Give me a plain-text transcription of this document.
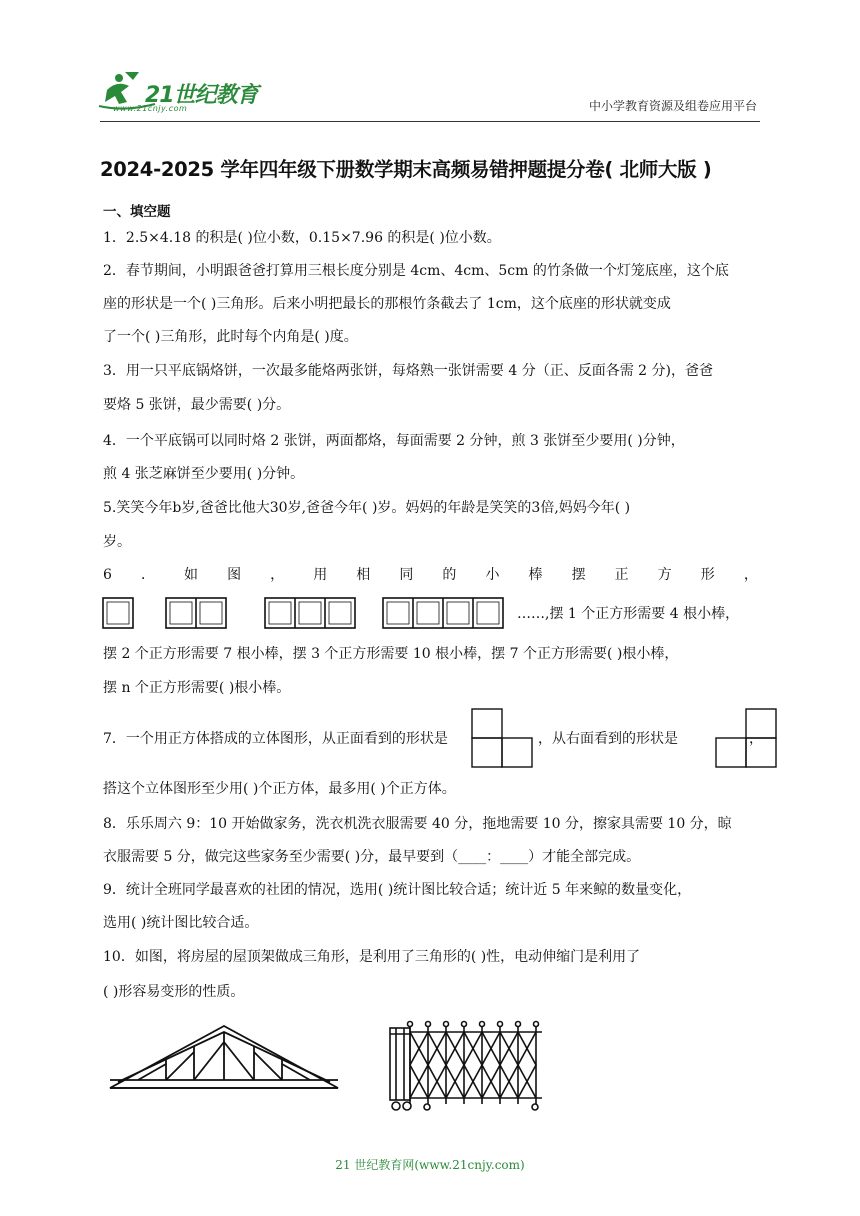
21世纪教育
www.21cnjy.com	中小学教育资源及组卷应用平台
2024-2025 学年四年级下册数学期末高频易错押题提分卷( 北师大版 )
一、填空题
1．2.5×4.18 的积是( )位小数，0.15×7.96 的积是( )位小数。
2．春节期间，小明跟爸爸打算用三根长度分别是 4cm、4cm、5cm 的竹条做一个灯笼底座，这个底
座的形状是一个( )三角形。后来小明把最长的那根竹条截去了 1cm，这个底座的形状就变成
了一个( )三角形，此时每个内角是( )度。
3．用一只平底锅烙饼，一次最多能烙两张饼，每烙熟一张饼需要 4 分（正、反面各需 2 分)，爸爸
要烙 5 张饼，最少需要( )分。
4．一个平底锅可以同时烙 2 张饼，两面都烙，每面需要 2 分钟，煎 3 张饼至少要用( )分钟，
煎 4 张芝麻饼至少要用( )分钟。
5.笑笑今年b岁,爸爸比他大30岁,爸爸今年( )岁。妈妈的年龄是笑笑的3倍,妈妈今年( )
岁。
6 ． 如 图 ， 用 相 同 的 小 棒 摆 正 方 形 ，
……,摆 1 个正方形需要 4 根小棒，
摆 2 个正方形需要 7 根小棒，摆 3 个正方形需要 10 根小棒，摆 7 个正方形需要( )根小棒，
摆 n 个正方形需要( )根小棒。
7．一个用正方体搭成的立体图形，从正面看到的形状是	，从右面看到的形状是	，
搭这个立体图形至少用( )个正方体，最多用( )个正方体。
8．乐乐周六 9：10 开始做家务，洗衣机洗衣服需要 40 分，拖地需要 10 分，擦家具需要 10 分，晾
衣服需要 5 分，做完这些家务至少需要( )分，最早要到（____：____）才能全部完成。
9．统计全班同学最喜欢的社团的情况，选用( )统计图比较合适；统计近 5 年来鲸的数量变化，
选用( )统计图比较合适。
10．如图，将房屋的屋顶架做成三角形，是利用了三角形的( )性，电动伸缩门是利用了
( )形容易变形的性质。
21 世纪教育网(www.21cnjy.com)
